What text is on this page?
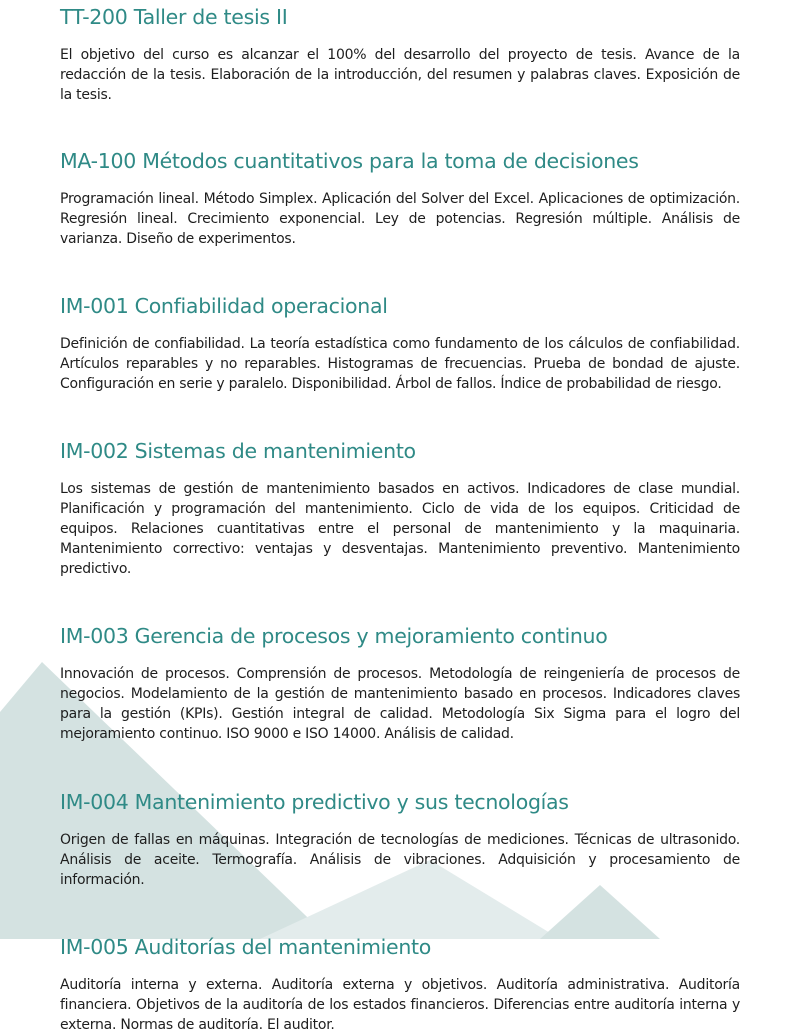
TT-200 Taller de tesis II

El objetivo del curso es alcanzar el 100% del desarrollo del proyecto de tesis. Avance de la redacción de la tesis. Elaboración de la introducción, del resumen y palabras claves. Exposición de la tesis.

MA-100 Métodos cuantitativos para la toma de decisiones

Programación lineal. Método Simplex. Aplicación del Solver del Excel. Aplicaciones de optimización. Regresión lineal. Crecimiento exponencial. Ley de potencias. Regresión múltiple. Análisis de varianza. Diseño de experimentos.

IM-001 Confiabilidad operacional

Definición de confiabilidad. La teoría estadística como fundamento de los cálculos de confiabilidad. Artículos reparables y no reparables. Histogramas de frecuencias. Prueba de bondad de ajuste. Configuración en serie y paralelo. Disponibilidad. Árbol de fallos. Índice de probabilidad de riesgo.

IM-002 Sistemas de mantenimiento

Los sistemas de gestión de mantenimiento basados en activos. Indicadores de clase mundial. Planificación y programación del mantenimiento. Ciclo de vida de los equipos. Criticidad de equipos. Relaciones cuantitativas entre el personal de mantenimiento y la maquinaria. Mantenimiento correctivo: ventajas y desventajas. Mantenimiento preventivo. Mantenimiento predictivo.

IM-003 Gerencia de procesos y mejoramiento continuo

Innovación de procesos. Comprensión de procesos. Metodología de reingeniería de procesos de negocios. Modelamiento de la gestión de mantenimiento basado en procesos. Indicadores claves para la gestión (KPIs). Gestión integral de calidad. Metodología Six Sigma para el logro del mejoramiento continuo. ISO 9000 e ISO 14000. Análisis de calidad.

IM-004 Mantenimiento predictivo y sus tecnologías

Origen de fallas en máquinas. Integración de tecnologías de mediciones. Técnicas de ultrasonido. Análisis de aceite. Termografía. Análisis de vibraciones. Adquisición y procesamiento de información.

IM-005 Auditorías del mantenimiento

Auditoría interna y externa. Auditoría externa y objetivos. Auditoría administrativa. Auditoría financiera. Objetivos de la auditoría de los estados financieros. Diferencias entre auditoría interna y externa. Normas de auditoría. El auditor.
